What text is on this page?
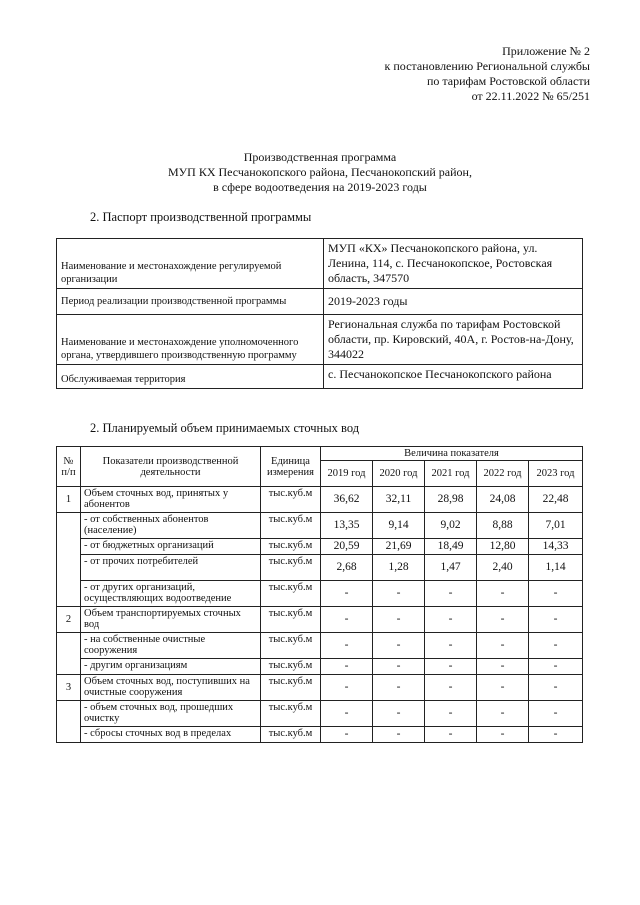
Приложение № 2
к постановлению Региональной службы
по тарифам Ростовской области
от 22.11.2022 № 65/251
Производственная программа
МУП КХ Песчанокопского района, Песчанокопский район,
в сфере водоотведения на 2019-2023 годы
2. Паспорт производственной программы
Наименование и местонахождение регулируемой организации	МУП «КХ» Песчанокопского района, ул. Ленина, 114, с. Песчанокопское, Ростовская область, 347570
Период реализации производственной программы	2019-2023 годы
Наименование и местонахождение уполномоченного органа, утвердившего производственную программу	Региональная служба по тарифам Ростовской области, пр. Кировский, 40А, г. Ростов-на-Дону, 344022
Обслуживаемая территория	с. Песчанокопское Песчанокопского района
2. Планируемый объем принимаемых сточных вод
№ п/п	Показатели производственной деятельности	Единица измерения	Величина показателя				
			2019 год	2020 год	2021 год	2022 год	2023 год
1	Объем сточных вод, принятых у абонентов	тыс.куб.м	36,62	32,11	28,98	24,08	22,48
	- от собственных абонентов (население)	тыс.куб.м	13,35	9,14	9,02	8,88	7,01
	- от бюджетных организаций	тыс.куб.м	20,59	21,69	18,49	12,80	14,33
	- от прочих потребителей	тыс.куб.м	2,68	1,28	1,47	2,40	1,14
	- от других организаций, осуществляющих водоотведение	тыс.куб.м	-	-	-	-	-
2	Объем транспортируемых сточных вод	тыс.куб.м	-	-	-	-	-
	- на собственные очистные сооружения	тыс.куб.м	-	-	-	-	-
	- другим организациям	тыс.куб.м	-	-	-	-	-
3	Объем сточных вод, поступивших на очистные сооружения	тыс.куб.м	-	-	-	-	-
	- объем сточных вод, прошедших очистку	тыс.куб.м	-	-	-	-	-
	- сбросы сточных вод в пределах	тыс.куб.м	-	-	-	-	-
